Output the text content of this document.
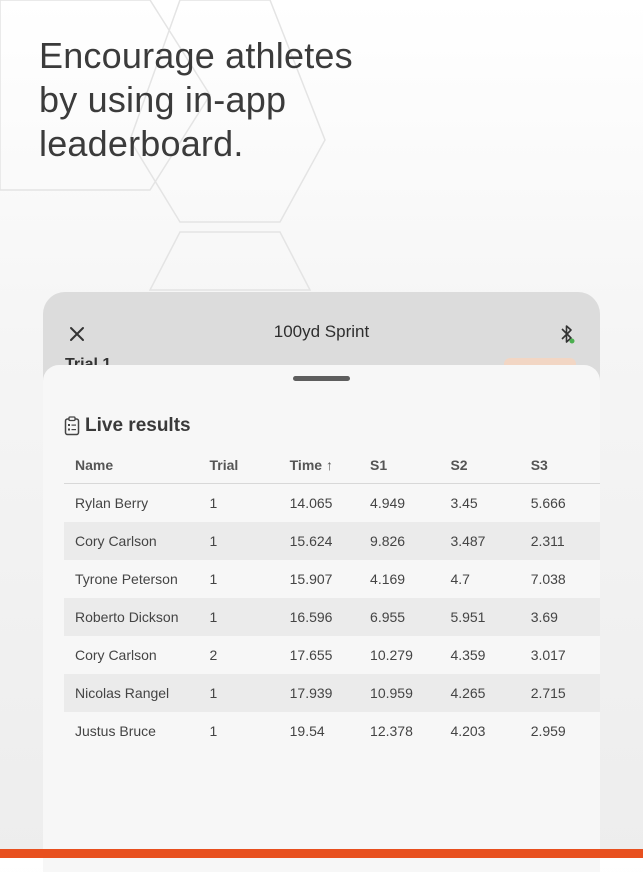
Encourage athletes
by using in-app
leaderboard.
100yd Sprint
Live results
Name	Trial	Time ↑	S1	S2	S3
Rylan Berry	1	14.065	4.949	3.45	5.666
Cory Carlson	1	15.624	9.826	3.487	2.311
Tyrone Peterson	1	15.907	4.169	4.7	7.038
Roberto Dickson	1	16.596	6.955	5.951	3.69
Cory Carlson	2	17.655	10.279	4.359	3.017
Nicolas Rangel	1	17.939	10.959	4.265	2.715
Justus Bruce	1	19.54	12.378	4.203	2.959
